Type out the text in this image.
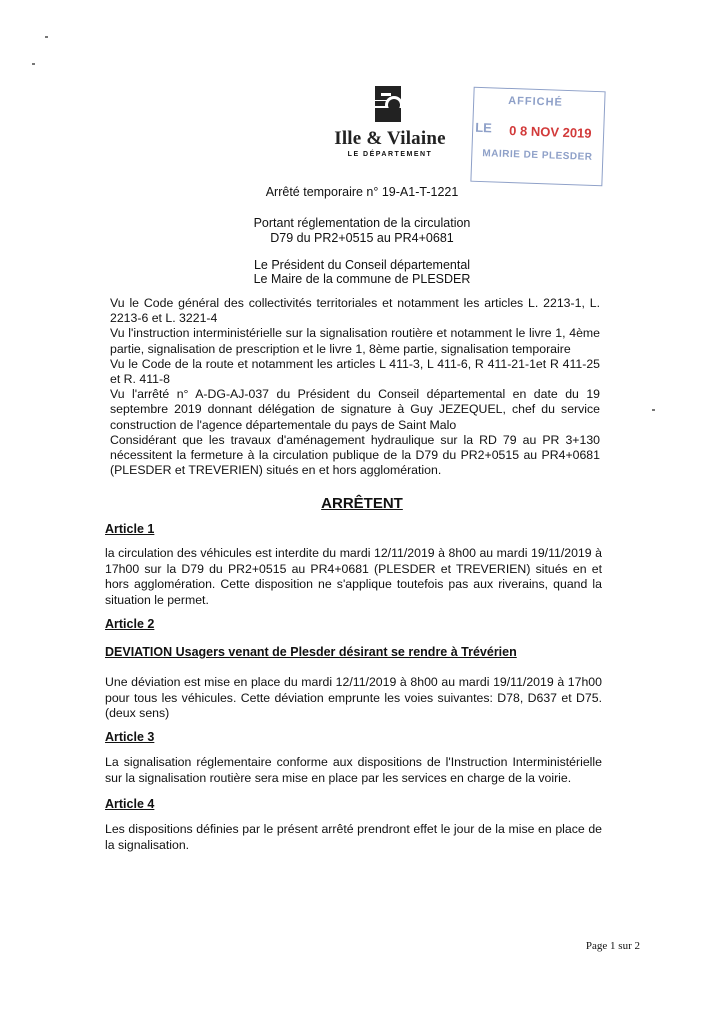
Ille & Vilaine
LE DÉPARTEMENT
AFFICHÉ
LE 0 8 NOV 2019
MAIRIE DE PLESDER
Arrêté temporaire n° 19-A1-T-1221
Portant réglementation de la circulation
D79 du PR2+0515 au PR4+0681
Le Président du Conseil départemental
Le Maire de la commune de PLESDER

Vu le Code général des collectivités territoriales et notamment les articles L. 2213-1, L. 2213-6 et L. 3221-4

Vu l'instruction interministérielle sur la signalisation routière et notamment le livre 1, 4ème partie, signalisation de prescription et le livre 1, 8ème partie, signalisation temporaire

Vu le Code de la route et notamment les articles L 411-3, L 411-6, R 411-21-1et R 411-25 et R. 411-8

Vu l'arrêté n° A-DG-AJ-037 du Président du Conseil départemental en date du 19 septembre 2019 donnant délégation de signature à Guy JEZEQUEL, chef du service construction de l'agence départementale du pays de Saint Malo

Considérant que les travaux d'aménagement hydraulique sur la RD 79 au PR 3+130 nécessitent la fermeture à la circulation publique de la D79 du PR2+0515 au PR4+0681 (PLESDER et TREVERIEN) situés en et hors agglomération.

ARRÊTENT
Article 1
la circulation des véhicules est interdite du mardi 12/11/2019 à 8h00 au mardi 19/11/2019 à 17h00 sur la D79 du PR2+0515 au PR4+0681 (PLESDER et TREVERIEN) situés en et hors agglomération. Cette disposition ne s'applique toutefois pas aux riverains, quand la situation le permet.
Article 2
DEVIATION Usagers venant de Plesder désirant se rendre à Trévérien
Une déviation est mise en place du mardi 12/11/2019 à 8h00 au mardi 19/11/2019 à 17h00 pour tous les véhicules. Cette déviation emprunte les voies suivantes: D78, D637 et D75. (deux sens)
Article 3
La signalisation réglementaire conforme aux dispositions de l'Instruction Interministérielle sur la signalisation routière sera mise en place par les services en charge de la voirie.
Article 4
Les dispositions définies par le présent arrêté prendront effet le jour de la mise en place de la signalisation.
Page 1 sur 2
